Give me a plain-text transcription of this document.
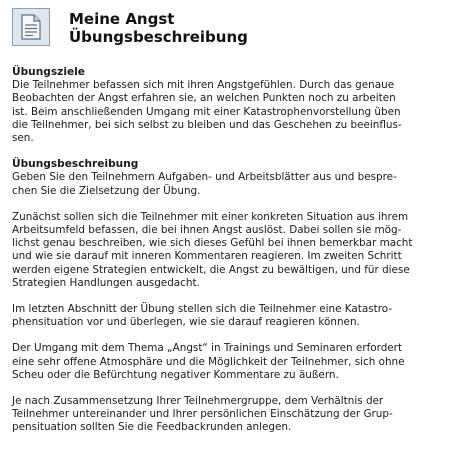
Meine Angst
Übungsbeschreibung
Übungsziele

Die Teilnehmer befassen sich mit ihren Angstgefühlen. Durch das genaue
Beobachten der Angst erfahren sie, an welchen Punkten noch zu arbeiten
ist. Beim anschließenden Umgang mit einer Katastrophenvorstellung üben
die Teilnehmer, bei sich selbst zu bleiben und das Geschehen zu beeinflus-
sen.

Übungsbeschreibung

Geben Sie den Teilnehmern Aufgaben- und Arbeitsblätter aus und bespre-
chen Sie die Zielsetzung der Übung.

Zunächst sollen sich die Teilnehmer mit einer konkreten Situation aus ihrem
Arbeitsumfeld befassen, die bei ihnen Angst auslöst. Dabei sollen sie mög-
lichst genau beschreiben, wie sich dieses Gefühl bei ihnen bemerkbar macht
und wie sie darauf mit inneren Kommentaren reagieren. Im zweiten Schritt
werden eigene Strategien entwickelt, die Angst zu bewältigen, und für diese
Strategien Handlungen ausgedacht.

Im letzten Abschnitt der Übung stellen sich die Teilnehmer eine Katastro-
phensituation vor und überlegen, wie sie darauf reagieren können.

Der Umgang mit dem Thema „Angst“ in Trainings und Seminaren erfordert
eine sehr offene Atmosphäre und die Möglichkeit der Teilnehmer, sich ohne
Scheu oder die Befürchtung negativer Kommentare zu äußern.

Je nach Zusammensetzung Ihrer Teilnehmergruppe, dem Verhältnis der
Teilnehmer untereinander und Ihrer persönlichen Einschätzung der Grup-
pensituation sollten Sie die Feedbackrunden anlegen.
